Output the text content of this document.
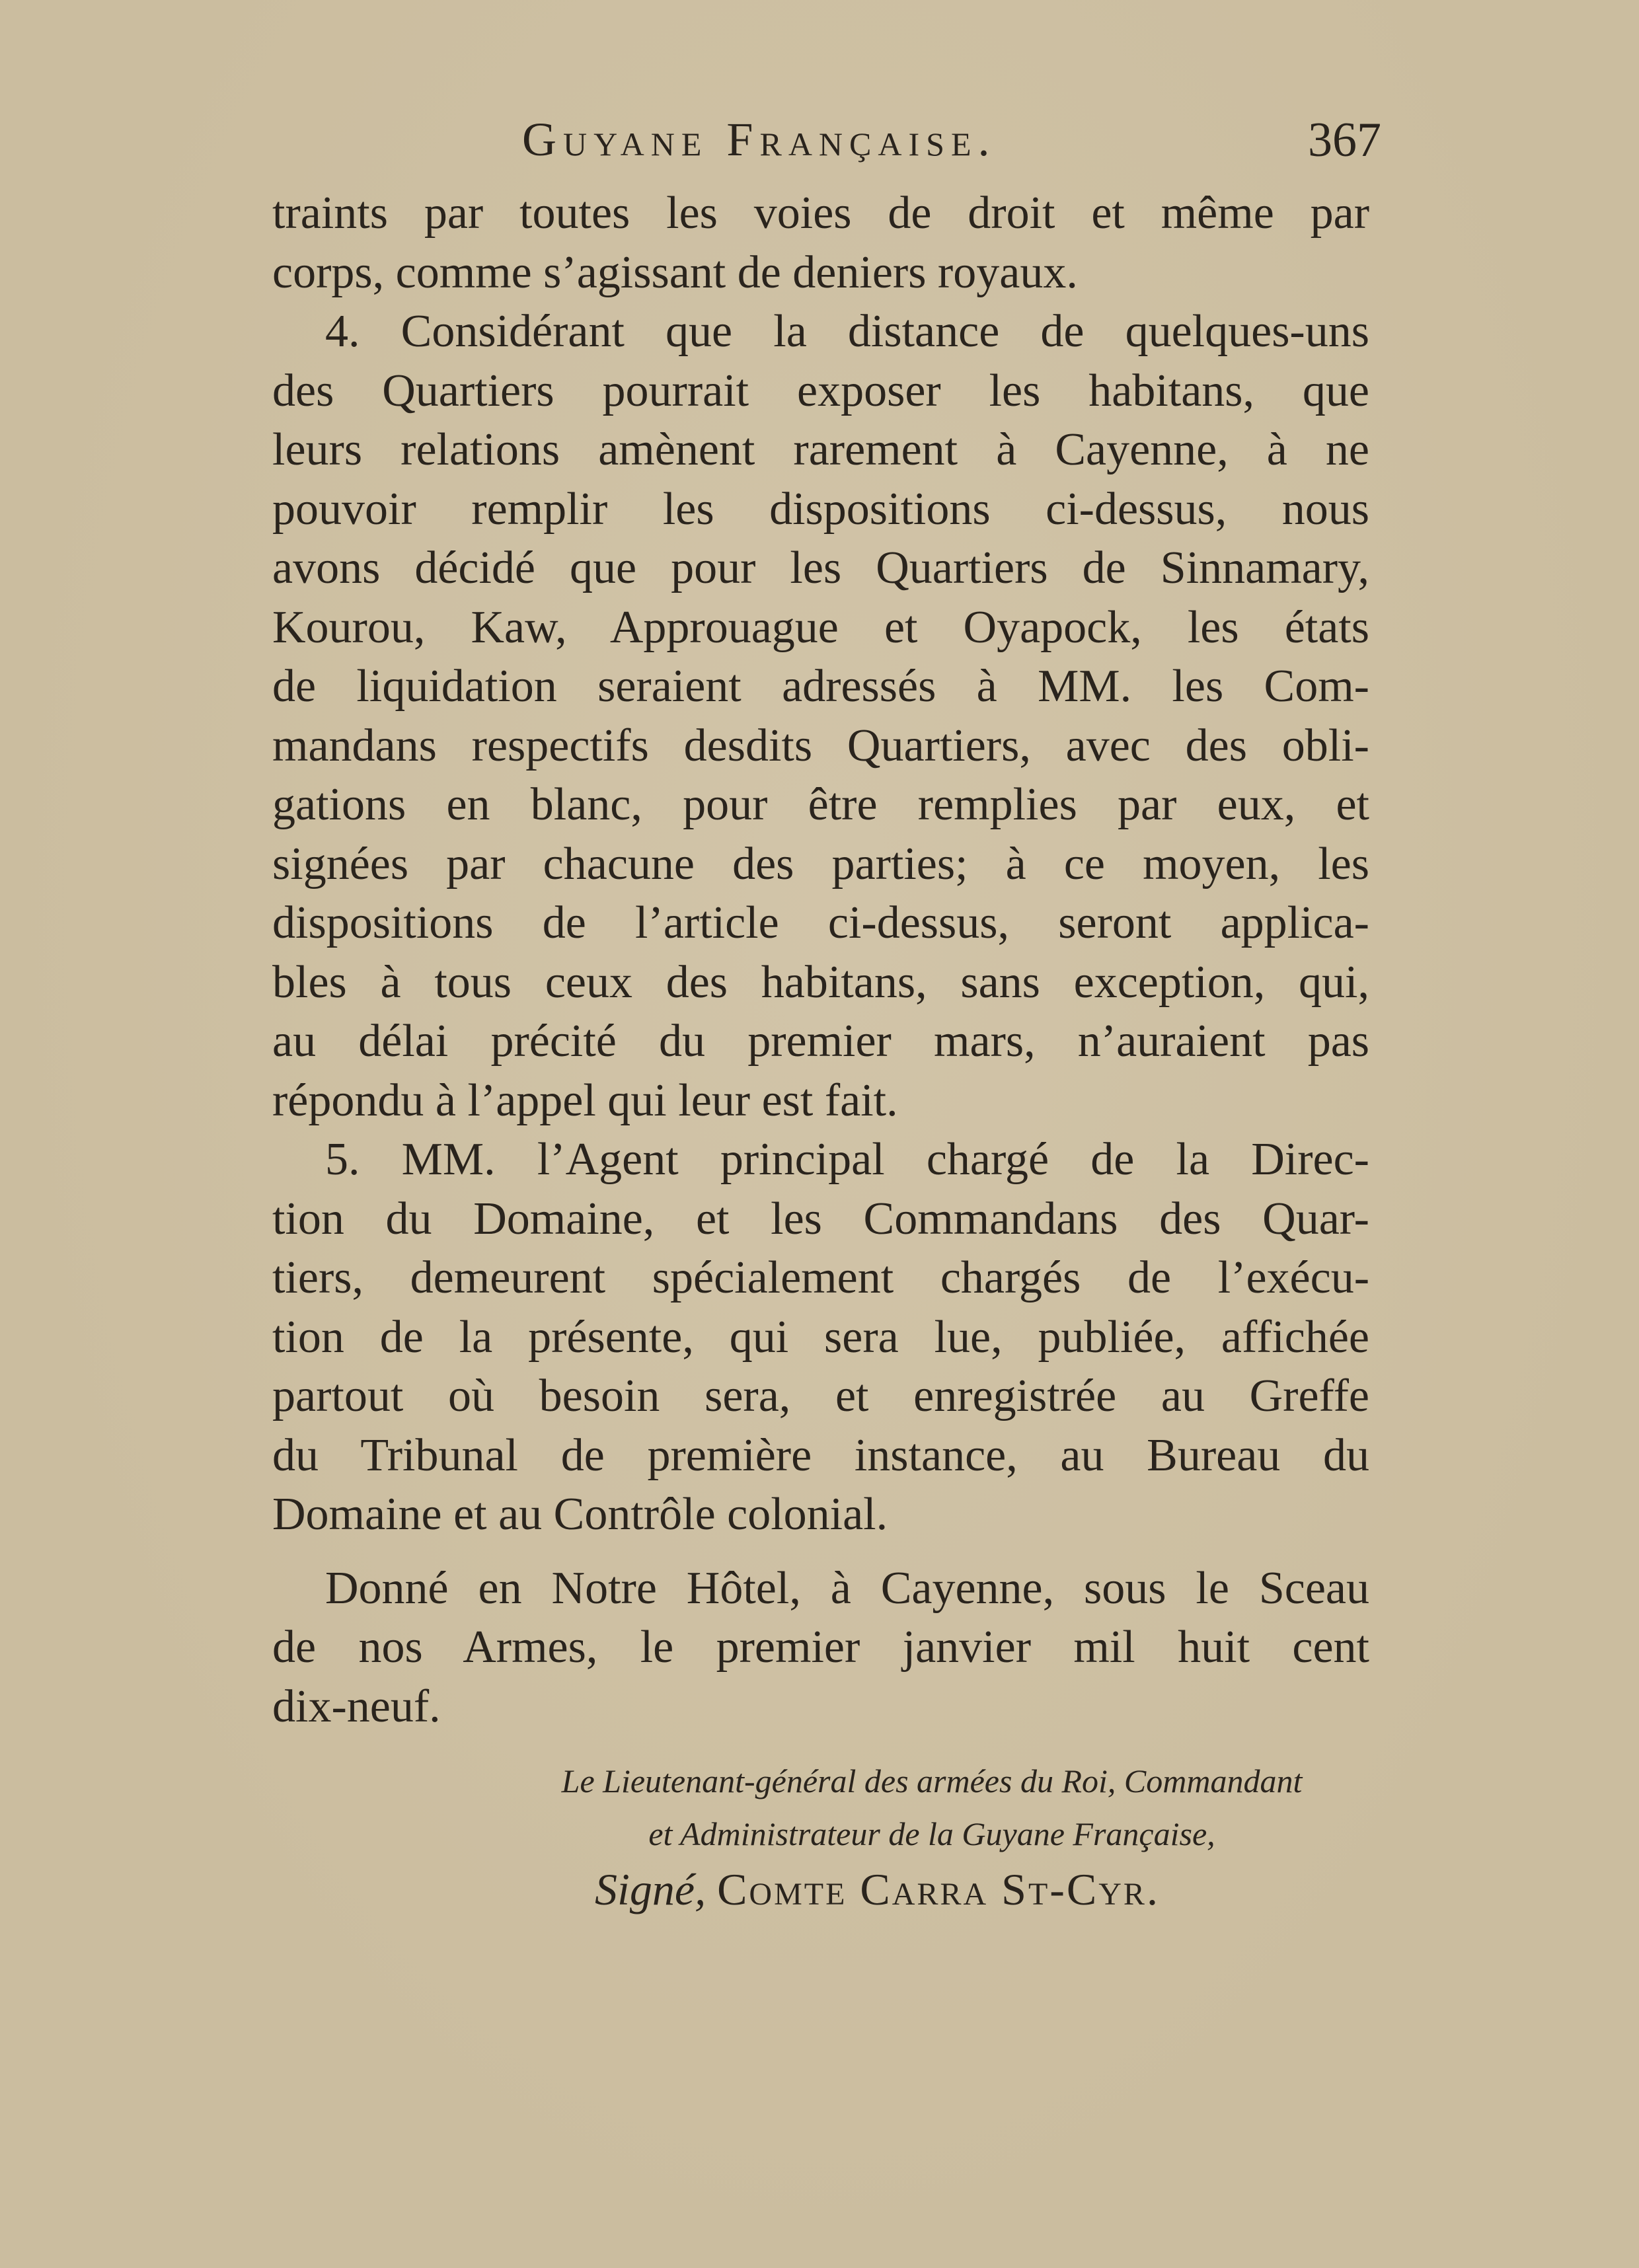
Guyane Française.	367
traints par toutes les voies de droit et même par
corps, comme s’agissant de deniers royaux.
4. Considérant que la distance de quelques-uns
des Quartiers pourrait exposer les habitans, que
leurs relations amènent rarement à Cayenne, à ne
pouvoir remplir les dispositions ci-dessus, nous
avons décidé que pour les Quartiers de Sinnamary,
Kourou, Kaw, Approuague et Oyapock, les états
de liquidation seraient adressés à MM. les Com-
mandans respectifs desdits Quartiers, avec des obli-
gations en blanc, pour être remplies par eux, et
signées par chacune des parties; à ce moyen, les
dispositions de l’article ci-dessus, seront applica-
bles à tous ceux des habitans, sans exception, qui,
au délai précité du premier mars, n’auraient pas
répondu à l’appel qui leur est fait.
5. MM. l’Agent principal chargé de la Direc-
tion du Domaine, et les Commandans des Quar-
tiers, demeurent spécialement chargés de l’exécu-
tion de la présente, qui sera lue, publiée, affichée
partout où besoin sera, et enregistrée au Greffe
du Tribunal de première instance, au Bureau du
Domaine et au Contrôle colonial.
Donné en Notre Hôtel, à Cayenne, sous le Sceau
de nos Armes, le premier janvier mil huit cent
dix-neuf.
Le Lieutenant-général des armées du Roi, Commandant
et Administrateur de la Guyane Française,
Signé, Comte Carra St-Cyr.
